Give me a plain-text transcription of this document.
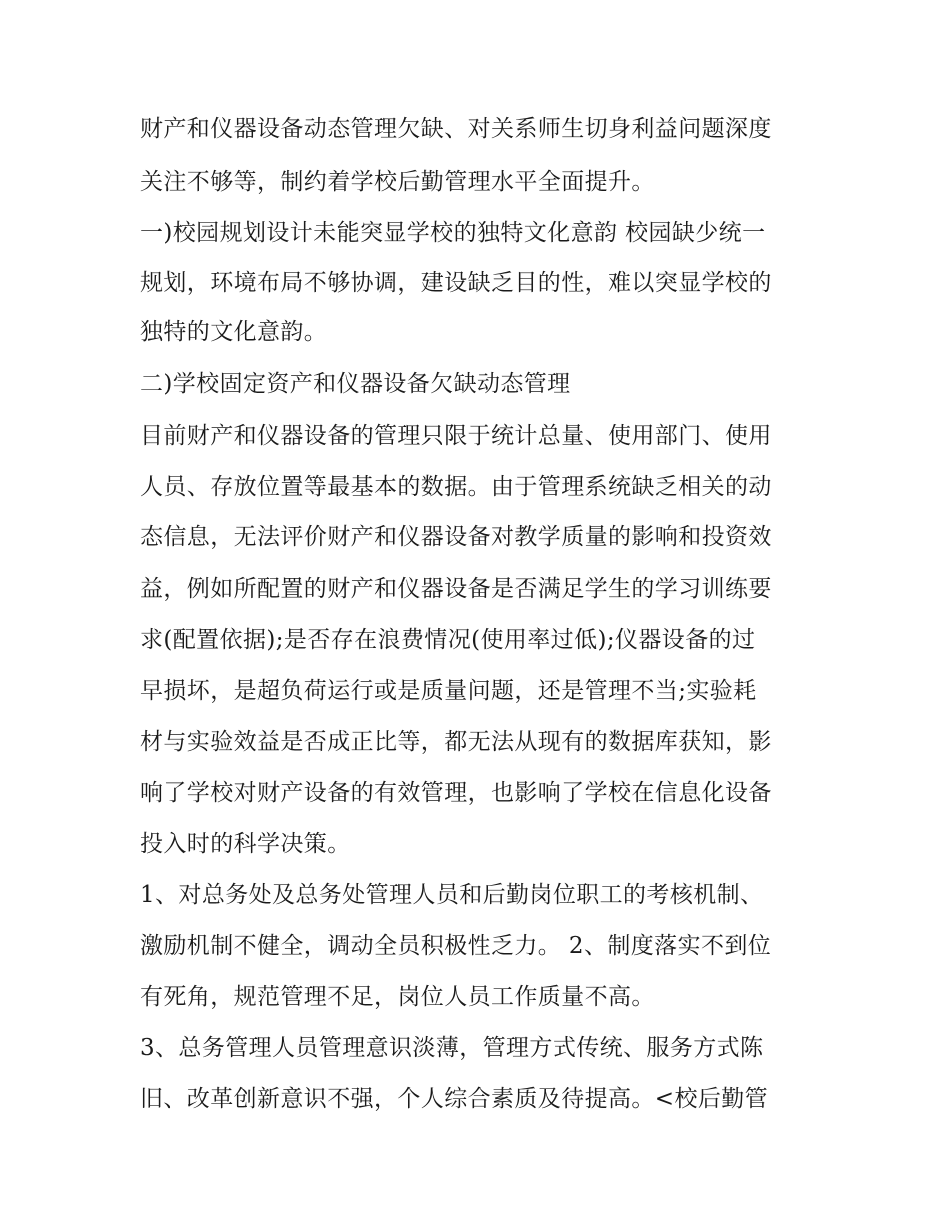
财产和仪器设备动态管理欠缺、对关系师生切身利益问题深度
关注不够等，制约着学校后勤管理水平全面提升。
一)校园规划设计未能突显学校的独特文化意韵 校园缺少统一
规划，环境布局不够协调，建设缺乏目的性，难以突显学校的
独特的文化意韵。
二)学校固定资产和仪器设备欠缺动态管理
目前财产和仪器设备的管理只限于统计总量、使用部门、使用
人员、存放位置等最基本的数据。由于管理系统缺乏相关的动
态信息，无法评价财产和仪器设备对教学质量的影响和投资效
益，例如所配置的财产和仪器设备是否满足学生的学习训练要
求(配置依据);是否存在浪费情况(使用率过低);仪器设备的过
早损坏，是超负荷运行或是质量问题，还是管理不当;实验耗
材与实验效益是否成正比等，都无法从现有的数据库获知，影
响了学校对财产设备的有效管理，也影响了学校在信息化设备
投入时的科学决策。
1、对总务处及总务处管理人员和后勤岗位职工的考核机制、
激励机制不健全，调动全员积极性乏力。 2、制度落实不到位
有死角，规范管理不足，岗位人员工作质量不高。
3、总务管理人员管理意识淡薄，管理方式传统、服务方式陈
旧、改革创新意识不强，个人综合素质及待提高。<校后勤管
